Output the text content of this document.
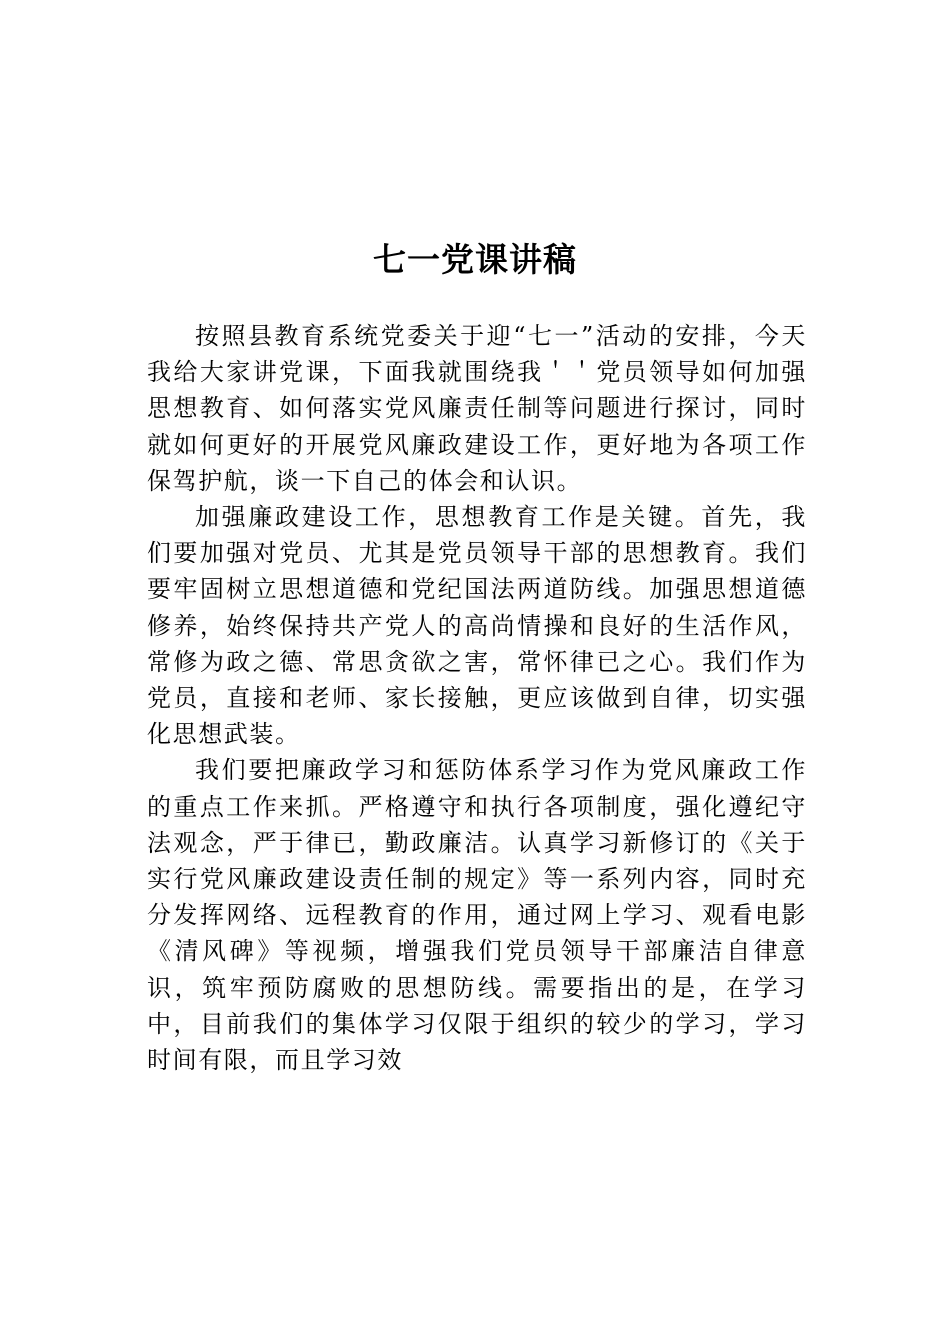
七一党课讲稿

按照县教育系统党委关于迎“七一”活动的安排，今天我给大家讲党课，下面我就围绕我＇＇党员领导如何加强思想教育、如何落实党风廉责任制等问题进行探讨，同时就如何更好的开展党风廉政建设工作，更好地为各项工作保驾护航，谈一下自己的体会和认识。

加强廉政建设工作，思想教育工作是关键。首先，我们要加强对党员、尤其是党员领导干部的思想教育。我们要牢固树立思想道德和党纪国法两道防线。加强思想道德修养，始终保持共产党人的高尚情操和良好的生活作风，常修为政之德、常思贪欲之害，常怀律已之心。我们作为党员，直接和老师、家长接触，更应该做到自律，切实强化思想武装。

我们要把廉政学习和惩防体系学习作为党风廉政工作的重点工作来抓。严格遵守和执行各项制度，强化遵纪守法观念，严于律已，勤政廉洁。认真学习新修订的《关于实行党风廉政建设责任制的规定》等一系列内容，同时充分发挥网络、远程教育的作用，通过网上学习、观看电影《清风碑》等视频，增强我们党员领导干部廉洁自律意识，筑牢预防腐败的思想防线。需要指出的是，在学习中，目前我们的集体学习仅限于组织的较少的学习，学习时间有限，而且学习效
